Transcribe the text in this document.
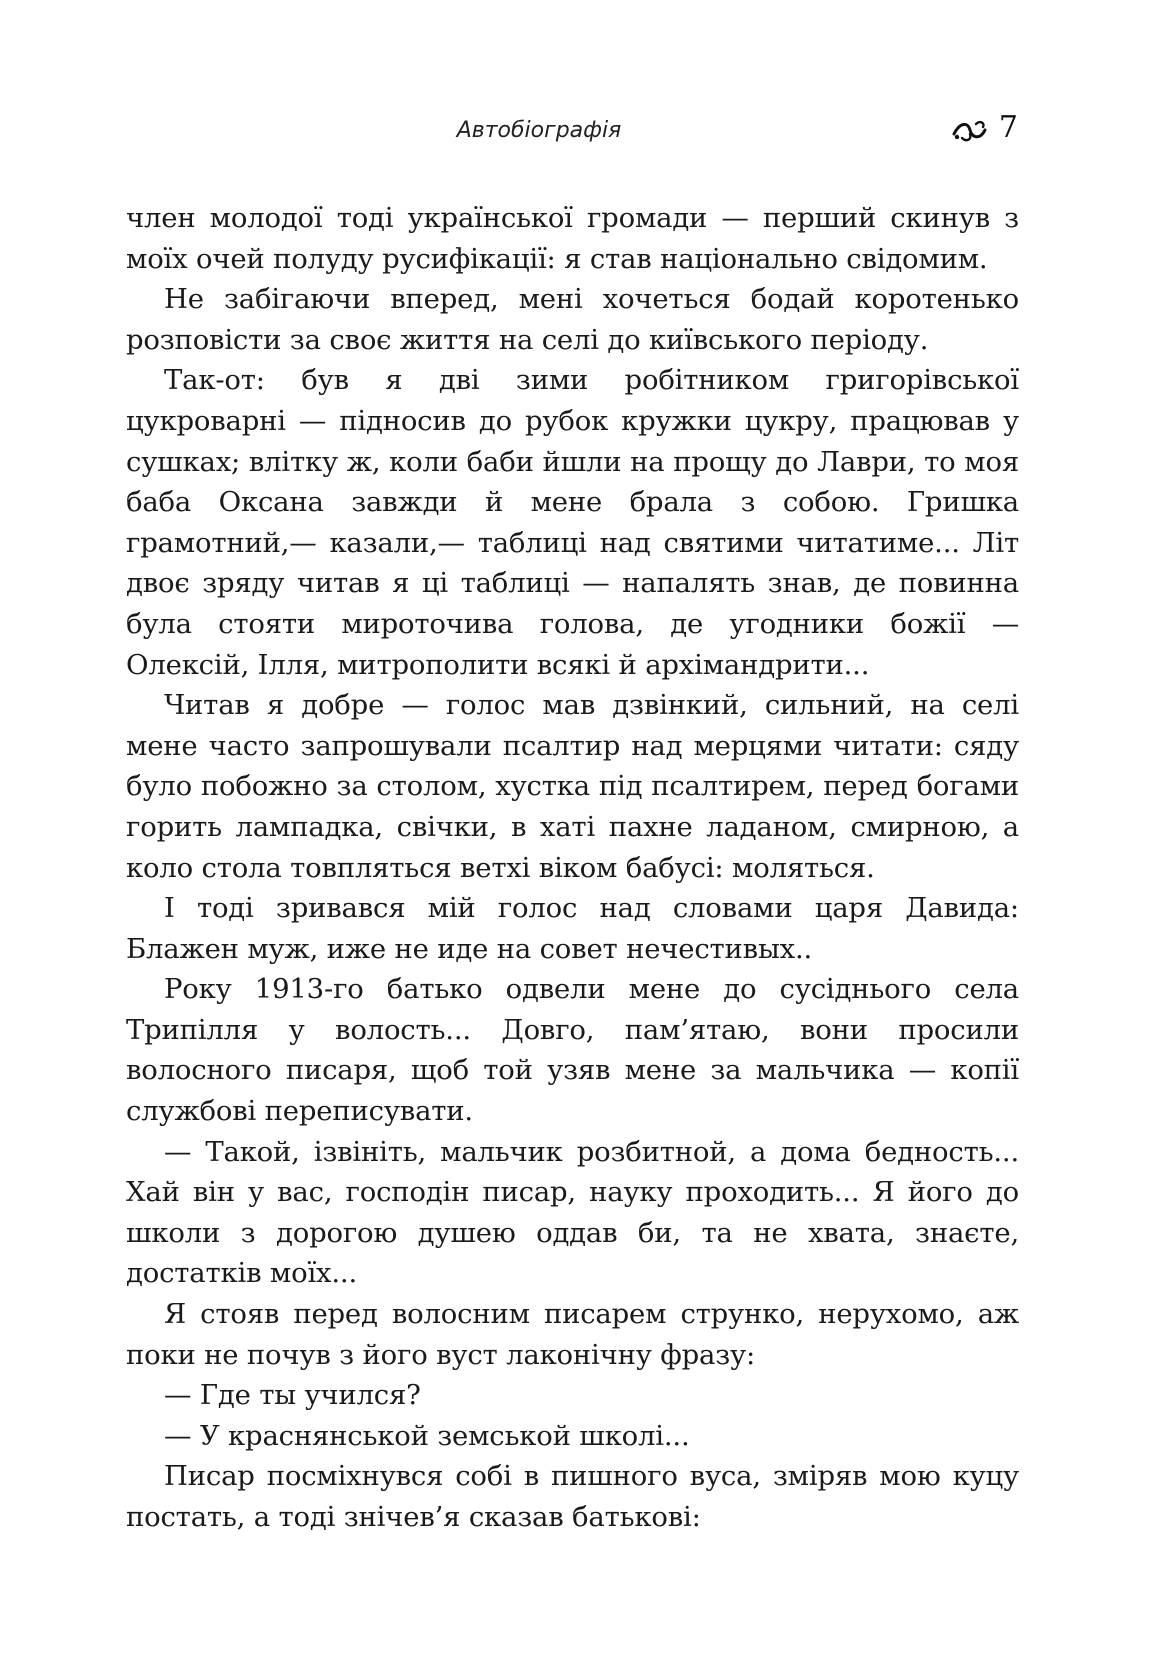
Автобіографія	7

член молодої тоді української громади — перший скинув з моїх очей полуду русифікації: я став національно свідомим.

Не забігаючи вперед, мені хочеться бодай коротенько розповісти за своє життя на селі до київського періоду.

Так-от: був я дві зими робітником григорівської цукроварні — підносив до рубок кружки цукру, працював у сушках; влітку ж, коли баби йшли на прощу до Лаври, то моя баба Оксана завжди й мене брала з собою. Гришка грамотний,— казали,— таблиці над святими читатиме... Літ двоє зряду читав я ці таблиці — напалять знав, де повинна була стояти мироточива голова, де угодники божії — Олексій, Ілля, митрополити всякі й архімандрити...

Читав я добре — голос мав дзвінкий, сильний, на селі мене часто запрошували псалтир над мерцями читати: сяду було побожно за столом, хустка під псалтирем, перед богами горить лампадка, свічки, в хаті пахне ладаном, смирною, а коло стола товпляться ветхі віком бабусі: моляться.

І тоді зривався мій голос над словами царя Давида: Блажен муж, иже не иде на совет нечестивых..

Року 1913-го батько одвели мене до сусіднього села Трипілля у волость... Довго, пам’ятаю, вони просили волосного писаря, щоб той узяв мене за мальчика — копії службові переписувати.

— Такой, ізвініть, мальчик розбитной, а дома бедность... Хай він у вас, господін писар, науку проходить... Я його до школи з дорогою душею оддав би, та не хвата, знаєте, достатків моїх...

Я стояв перед волосним писарем струнко, нерухомо, аж поки не почув з його вуст лаконічну фразу:

— Где ты учился?

— У краснянськой земськой школі...

Писар посміхнувся собі в пишного вуса, зміряв мою куцу постать, а тоді знічев’я сказав батькові:
